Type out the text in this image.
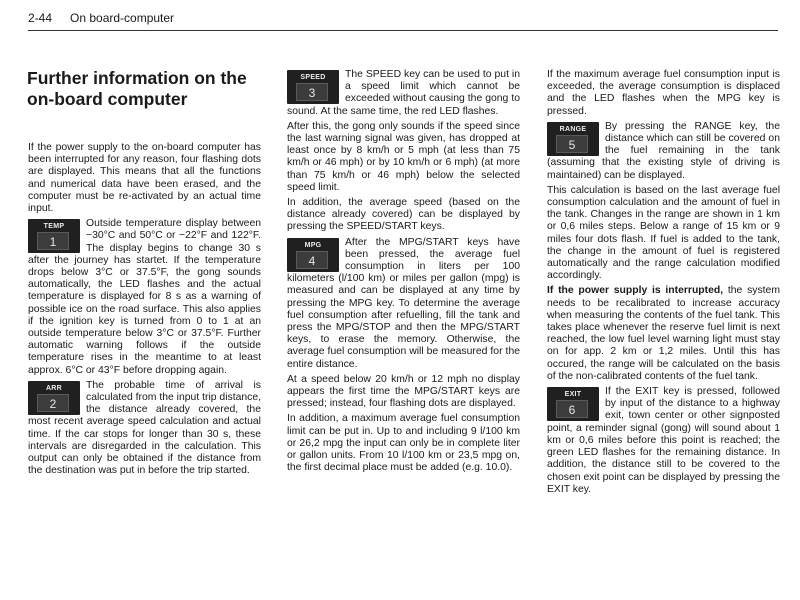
2-44 On board-computer
Further information on the on-board computer

If the power supply to the on-board computer has been interrupted for any reason, four flashing dots are displayed. This means that all the functions and numerical data have been erased, and the computer must be re-activated by an actual time input.

TEMP
1

Outside temperature display between −30°C and 50°C or −22°F and 122°F. The display begins to change 30 s after the journey has startet. If the temperature drops below 3°C or 37.5°F, the gong sounds automatically, the LED flashes and the actual temperature is displayed for 8 s as a warning of possible ice on the road surface. This also applies if the ignition key is turned from 0 to 1 at an outside temperature below 3°C or 37.5°F. Further automatic warning follows if the outside temperature rises in the meantime to at least approx. 6°C or 43°F before dropping again.

ARR
2

The probable time of arrival is calculated from the input trip distance, the distance already covered, the most recent average speed calculation and actual time. If the car stops for longer than 30 s, these intervals are disregarded in the calculation. This output can only be obtained if the distance from the destination was put in before the trip started.

SPEED
3

The SPEED key can be used to put in a speed limit which cannot be exceeded without causing the gong to sound. At the same time, the red LED flashes.

After this, the gong only sounds if the speed since the last warning signal was given, has dropped at least once by 8 km/h or 5 mph (at less than 75 km/h or 46 mph) or by 10 km/h or 6 mph) (at more than 75 km/h or 46 mph) below the selected speed limit.

In addition, the average speed (based on the distance already covered) can be displayed by pressing the SPEED/START keys.

MPG
4

After the MPG/START keys have been pressed, the average fuel consumption in liters per 100 kilometers (l/100 km) or miles per gallon (mpg) is measured and can be displayed at any time by pressing the MPG key. To determine the average fuel consumption after refuelling, fill the tank and press the MPG/STOP and then the MPG/START keys, to erase the memory. Otherwise, the average fuel consumption will be measured for the entire distance.

At a speed below 20 km/h or 12 mph no display appears the first time the MPG/START keys are pressed; instead, four flashing dots are displayed.

In addition, a maximum average fuel consumption limit can be put in. Up to and including 9 l/100 km or 26,2 mpg the input can only be in complete liter or gallon units. From 10 l/100 km or 23,5 mpg on, the first decimal place must be added (e.g. 10.0).

If the maximum average fuel consumption input is exceeded, the average consumption is displaced and the LED flashes when the MPG key is pressed.

RANGE
5

By pressing the RANGE key, the distance which can still be covered on the fuel remaining in the tank (assuming that the existing style of driving is maintained) can be displayed.

This calculation is based on the last average fuel consumption calculation and the amount of fuel in the tank. Changes in the range are shown in 1 km or 0,6 miles steps. Below a range of 15 km or 9 miles four dots flash. If fuel is added to the tank, the change in the amount of fuel is registered automatically and the range calculation modified accordingly.

If the power supply is interrupted, the system needs to be recalibrated to increase accuracy when measuring the contents of the fuel tank. This takes place whenever the reserve fuel limit is next reached, the low fuel level warning light must stay on for app. 2 km or 1,2 miles. Until this has occured, the range will be calculated on the basis of the non-calibrated contents of the fuel tank.

EXIT
6

If the EXIT key is pressed, followed by input of the distance to a highway exit, town center or other signposted point, a reminder signal (gong) will sound about 1 km or 0,6 miles before this point is reached; the green LED flashes for the remaining distance. In addition, the distance still to be covered to the chosen exit point can be displayed by pressing the EXIT key.
